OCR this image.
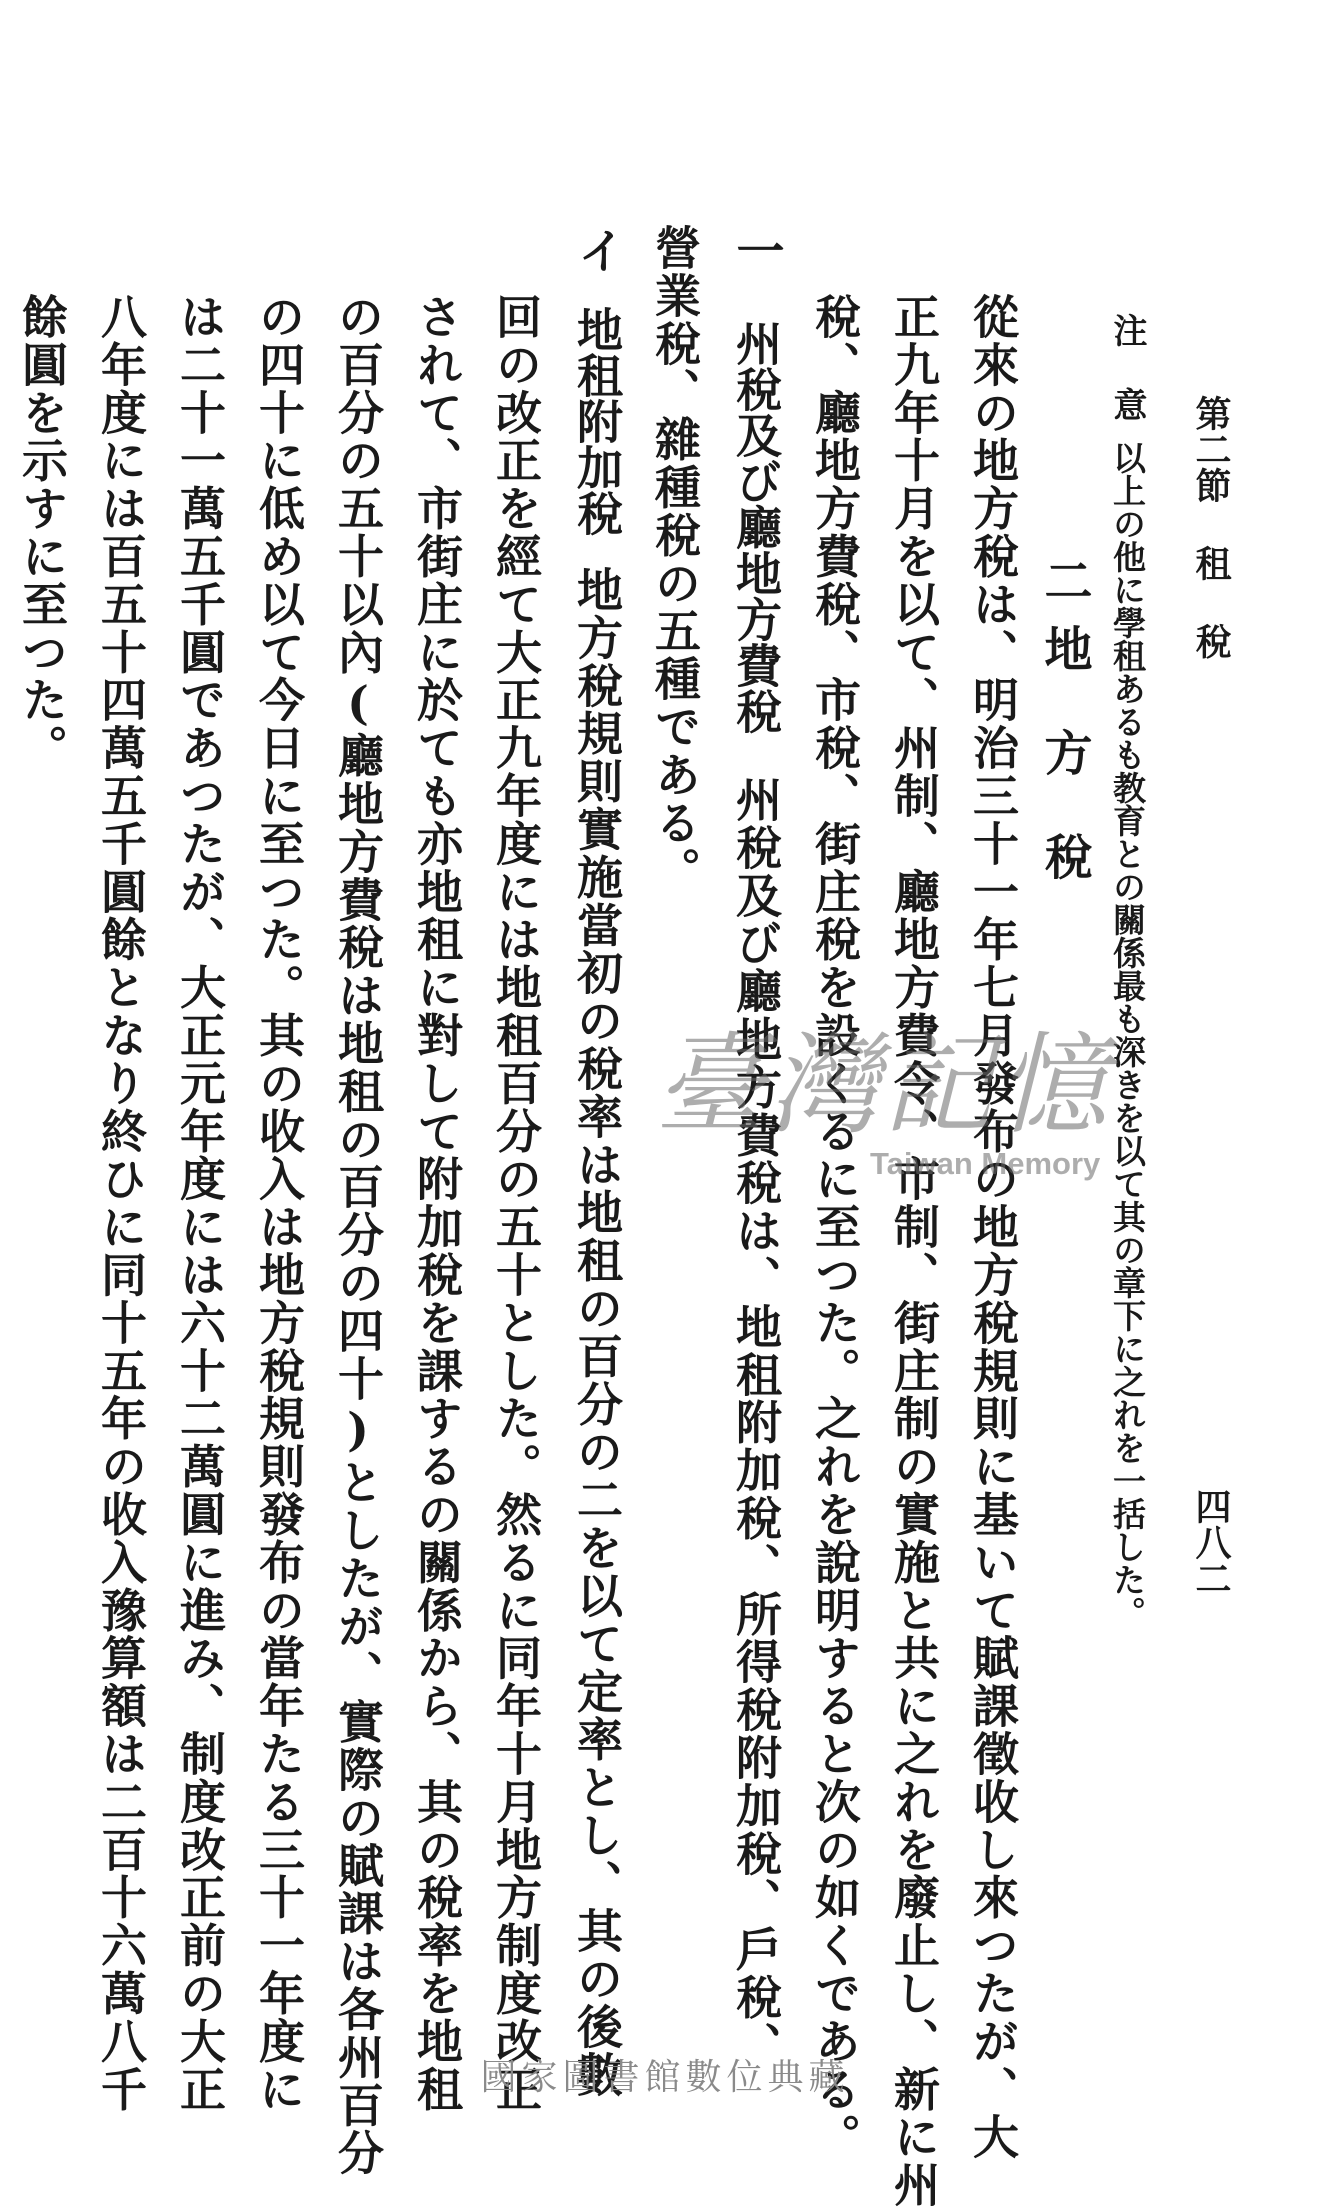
第二節 租 稅
四八二
注 意以上の他に學租あるも教育との關係最も深きを以て其の章下に之れを一括した。
二地 方 稅
從來の地方稅は、明治三十一年七月發布の地方稅規則に基いて賦課徵收し來つたが、大
正九年十月を以て、州制、廳地方費令、市制、街庄制の實施と共に之れを廢止し、新に州
稅、廳地方費稅、市稅、街庄稅を設くるに至つた。之れを說明すると次の如くである。
一州稅及び廳地方費稅州稅及び廳地方費稅は、地租附加稅、所得稅附加稅、戶稅、
營業稅、雜種稅の五種である。
イ地租附加稅地方稅規則實施當初の稅率は地租の百分の二を以て定率とし、其の後數
回の改正を經て大正九年度には地租百分の五十とした。然るに同年十月地方制度改正
されて、市街庄に於ても亦地租に對して附加稅を課するの關係から、其の稅率を地租
の百分の五十以內(廳地方費稅は地租の百分の四十)としたが、實際の賦課は各州百分
の四十に低め以て今日に至つた。其の收入は地方稅規則發布の當年たる三十一年度に
は二十一萬五千圓であつたが、大正元年度には六十二萬圓に進み、制度改正前の大正
八年度には百五十四萬五千圓餘となり終ひに同十五年の收入豫算額は二百十六萬八千
餘圓を示すに至つた。
臺灣記憶
Taiwan Memory
國家圖書館數位典藏
